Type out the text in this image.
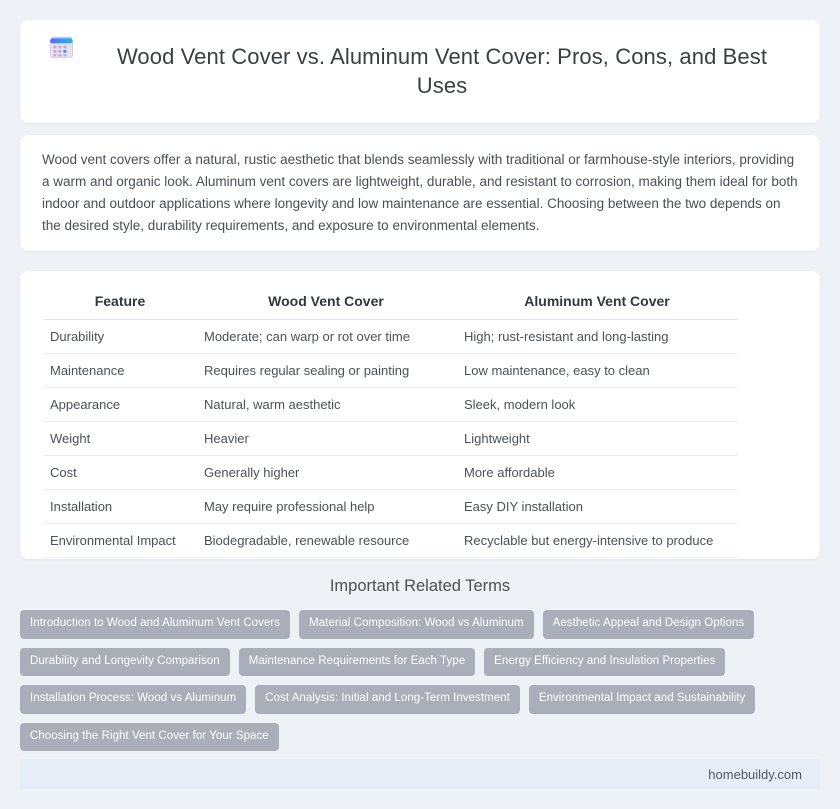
Wood Vent Cover vs. Aluminum Vent Cover: Pros, Cons, and Best Uses

Wood vent covers offer a natural, rustic aesthetic that blends seamlessly with traditional or farmhouse-style interiors, providing a warm and organic look. Aluminum vent covers are lightweight, durable, and resistant to corrosion, making them ideal for both indoor and outdoor applications where longevity and low maintenance are essential. Choosing between the two depends on the desired style, durability requirements, and exposure to environmental elements.

Feature	Wood Vent Cover	Aluminum Vent Cover
Durability	Moderate; can warp or rot over time	High; rust-resistant and long-lasting
Maintenance	Requires regular sealing or painting	Low maintenance, easy to clean
Appearance	Natural, warm aesthetic	Sleek, modern look
Weight	Heavier	Lightweight
Cost	Generally higher	More affordable
Installation	May require professional help	Easy DIY installation
Environmental Impact	Biodegradable, renewable resource	Recyclable but energy-intensive to produce
Important Related Terms
Introduction to Wood and Aluminum Vent Covers	Material Composition: Wood vs Aluminum	Aesthetic Appeal and Design Options
Durability and Longevity Comparison	Maintenance Requirements for Each Type	Energy Efficiency and Insulation Properties
Installation Process: Wood vs Aluminum	Cost Analysis: Initial and Long-Term Investment	Environmental Impact and Sustainability
Choosing the Right Vent Cover for Your Space
homebuildy.com
